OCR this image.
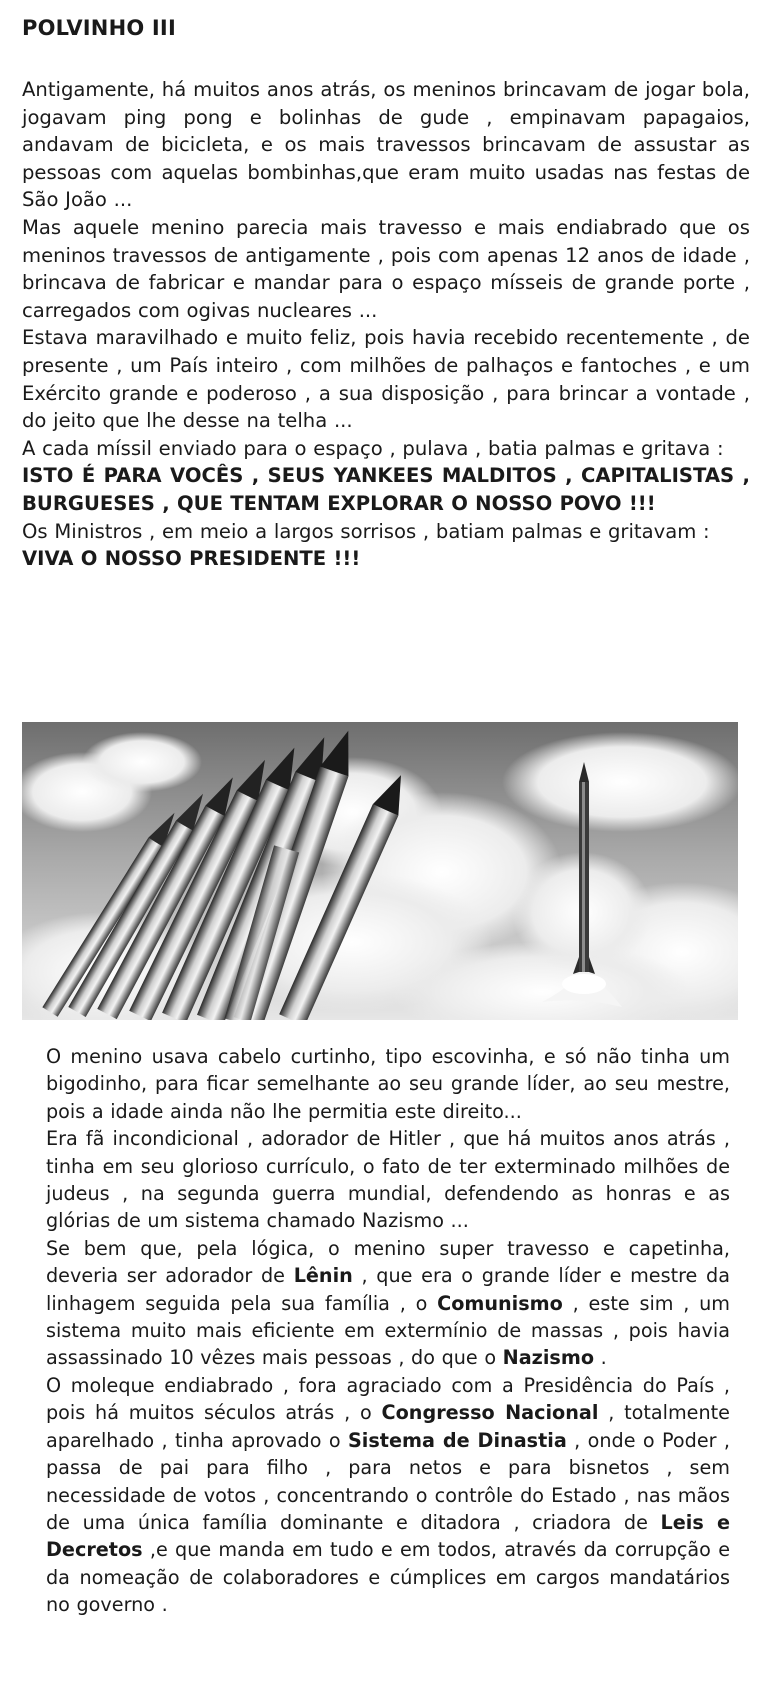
POLVINHO III

Antigamente, há muitos anos atrás, os meninos brincavam de jogar bola, jogavam ping pong e bolinhas de gude , empinavam papagaios, andavam de bicicleta, e os mais travessos brincavam de assustar as pessoas com aquelas bombinhas,que eram muito usadas nas festas de São João ...

Mas aquele menino parecia mais travesso e mais endiabrado que os meninos travessos de antigamente , pois com apenas 12 anos de idade , brincava de fabricar e mandar para o espaço mísseis de grande porte , carregados com ogivas nucleares ...

Estava maravilhado e muito feliz, pois havia recebido recentemente , de presente , um País inteiro , com milhões de palhaços e fantoches , e um Exército grande e poderoso , a sua disposição , para brincar a vontade , do jeito que lhe desse na telha ...

A cada míssil enviado para o espaço , pulava , batia palmas e gritava :

ISTO É PARA VOCÊS , SEUS YANKEES MALDITOS , CAPITALISTAS , BURGUESES , QUE TENTAM EXPLORAR O NOSSO POVO !!!

Os Ministros , em meio a largos sorrisos , batiam palmas e gritavam :

VIVA O NOSSO PRESIDENTE !!!

O menino usava cabelo curtinho, tipo escovinha, e só não tinha um bigodinho, para ficar semelhante ao seu grande líder, ao seu mestre, pois a idade ainda não lhe permitia este direito...

Era fã incondicional , adorador de Hitler , que há muitos anos atrás , tinha em seu glorioso currículo, o fato de ter exterminado milhões de judeus , na segunda guerra mundial, defendendo as honras e as glórias de um sistema chamado Nazismo ...

Se bem que, pela lógica, o menino super travesso e capetinha, deveria ser adorador de Lênin , que era o grande líder e mestre da linhagem seguida pela sua família , o Comunismo , este sim , um sistema muito mais eficiente em extermínio de massas , pois havia assassinado 10 vêzes mais pessoas , do que o Nazismo .

O moleque endiabrado , fora agraciado com a Presidência do País , pois há muitos séculos atrás , o Congresso Nacional , totalmente aparelhado , tinha aprovado o Sistema de Dinastia , onde o Poder , passa de pai para filho , para netos e para bisnetos , sem necessidade de votos , concentrando o contrôle do Estado , nas mãos de uma única família dominante e ditadora , criadora de Leis e Decretos ,e que manda em tudo e em todos, através da corrupção e da nomeação de colaboradores e cúmplices em cargos mandatários no governo .
